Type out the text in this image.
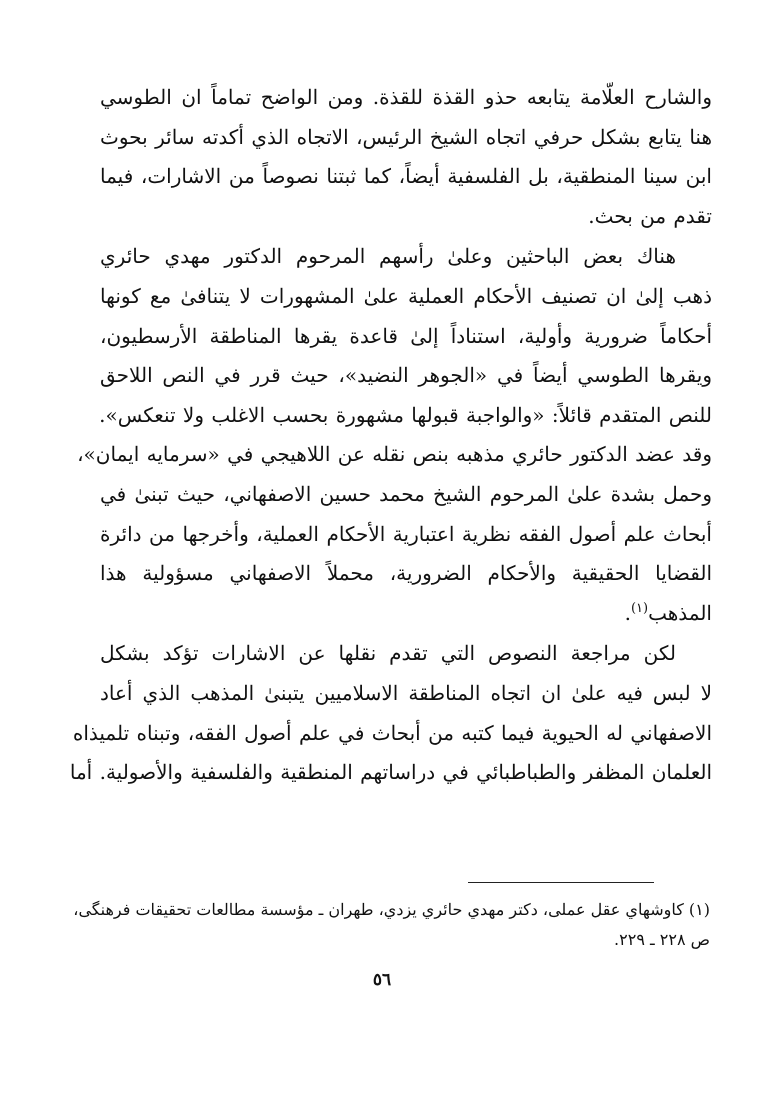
والشارح العلّامة يتابعه حذو القذة للقذة. ومن الواضح تماماً ان الطوسي
هنا يتابع بشكل حرفي اتجاه الشيخ الرئيس، الاتجاه الذي أكدته سائر بحوث
ابن سينا المنطقية، بل الفلسفية أيضاً، كما ثبتنا نصوصاً من الاشارات، فيما
تقدم من بحث.

هناك بعض الباحثين وعلىٰ رأسهم المرحوم الدكتور مهدي حائري
ذهب إلىٰ ان تصنيف الأحكام العملية علىٰ المشهورات لا يتنافىٰ مع كونها
أحكاماً ضرورية وأولية، استناداً إلىٰ قاعدة يقرها المناطقة الأرسطيون،
ويقرها الطوسي أيضاً في «الجوهر النضيد»، حيث قرر في النص اللاحق
للنص المتقدم قائلاً: «والواجبة قبولها مشهورة بحسب الاغلب ولا تنعكس».
وقد عضد الدكتور حائري مذهبه بنص نقله عن اللاهيجي في «سرمايه ايمان»،
وحمل بشدة علىٰ المرحوم الشيخ محمد حسين الاصفهاني، حيث تبنىٰ في
أبحاث علم أصول الفقه نظرية اعتبارية الأحكام العملية، وأخرجها من دائرة
القضايا الحقيقية والأحكام الضرورية، محملاً الاصفهاني مسؤولية هذا
المذهب$^{(١)}$.

لكن مراجعة النصوص التي تقدم نقلها عن الاشارات تؤكد بشكل
لا لبس فيه علىٰ ان اتجاه المناطقة الاسلاميين يتبنىٰ المذهب الذي أعاد
الاصفهاني له الحيوية فيما كتبه من أبحاث في علم أصول الفقه، وتبناه تلميذاه
العلمان المظفر والطباطبائي في دراساتهم المنطقية والفلسفية والأصولية. أما

(١) كاوشهاي عقل عملى، دكتر مهدي حائري يزدي، طهران ـ مؤسسة مطالعات تحقيقات فرهنگى،
ص ٢٢٨ ـ ٢٢٩.
٥٦
